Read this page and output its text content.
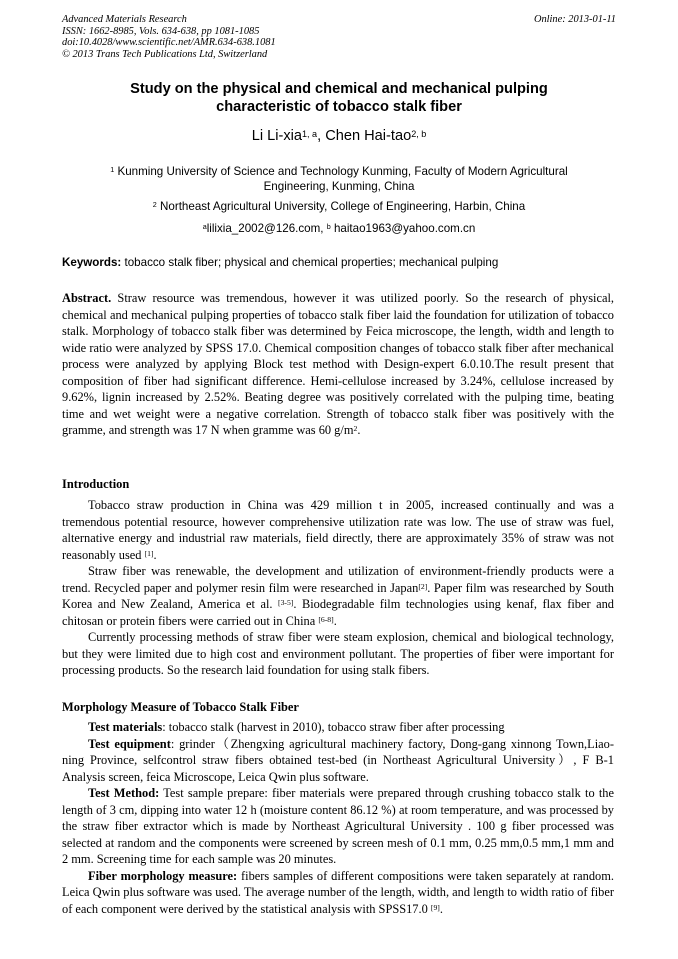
Advanced Materials Research
ISSN: 1662-8985, Vols. 634-638, pp 1081-1085
doi:10.4028/www.scientific.net/AMR.634-638.1081
© 2013 Trans Tech Publications Ltd, Switzerland
Online: 2013-01-11
Study on the physical and chemical and mechanical pulping
characteristic of tobacco stalk fiber
Li Li-xia$^{1, a}$, Chen Hai-tao$^{2, b}$
$^1$ Kunming University of Science and Technology Kunming, Faculty of Modern Agricultural
Engineering, Kunming, China
$^2$ Northeast Agricultural University, College of Engineering, Harbin, China
$^a$lilixia_2002@126.com, $^b$ haitao1963@yahoo.com.cn
Keywords: tobacco stalk fiber; physical and chemical properties; mechanical pulping
Abstract. Straw resource was tremendous, however it was utilized poorly. So the research of physical, chemical and mechanical pulping properties of tobacco stalk fiber laid the foundation for utilization of tobacco stalk. Morphology of tobacco stalk fiber was determined by Feica microscope, the length, width and length to wide ratio were analyzed by SPSS 17.0. Chemical composition changes of tobacco stalk fiber after mechanical process were analyzed by applying Block test method with Design-expert 6.0.10.The result present that composition of fiber had significant difference. Hemi-cellulose increased by 3.24%, cellulose increased by 9.62%, lignin increased by 2.52%. Beating degree was positively correlated with the pulping time, beating time and wet weight were a negative correlation. Strength of tobacco stalk fiber was positively with the gramme, and strength was 17 N when gramme was 60 $g/m^2$.
Introduction

Tobacco straw production in China was 429 million t in 2005, increased continually and was a tremendous potential resource, however comprehensive utilization rate was low. The use of straw was fuel, alternative energy and industrial raw materials, field directly, there are approximately 35% of straw was not reasonably used [1].

Straw fiber was renewable, the development and utilization of environment-friendly products were a trend. Recycled paper and polymer resin film were researched in Japan[2]. Paper film was researched by South Korea and New Zealand, America et al. [3-5]. Biodegradable film technologies using kenaf, flax fiber and chitosan or protein fibers were carried out in China [6-8].

Currently processing methods of straw fiber were steam explosion, chemical and biological technology, but they were limited due to high cost and environment pollutant. The properties of fiber were important for processing products. So the research laid foundation for using stalk fibers.

Morphology Measure of Tobacco Stalk Fiber

Test materials: tobacco stalk (harvest in 2010), tobacco straw fiber after processing

Test equipment: grinder（Zhengxing agricultural machinery factory, Dong-gang xinnong Town,Liao- ning Province, selfcontrol straw fibers obtained test-bed (in Northeast Agricultural University）, F B-1 Analysis screen, feica Microscope, Leica Qwin plus software.

Test Method: Test sample prepare: fiber materials were prepared through crushing tobacco stalk to the length of 3 cm, dipping into water 12 h (moisture content 86.12 %) at room temperature, and was processed by the straw fiber extractor which is made by Northeast Agricultural University . 100 g fiber processed was selected at random and the components were screened by screen mesh of 0.1 mm, 0.25 mm,0.5 mm,1 mm and 2 mm. Screening time for each sample was 20 minutes.

Fiber morphology measure: fibers samples of different compositions were taken separately at random. Leica Qwin plus software was used. The average number of the length, width, and length to width ratio of fiber of each component were derived by the statistical analysis with SPSS17.0 [9].
